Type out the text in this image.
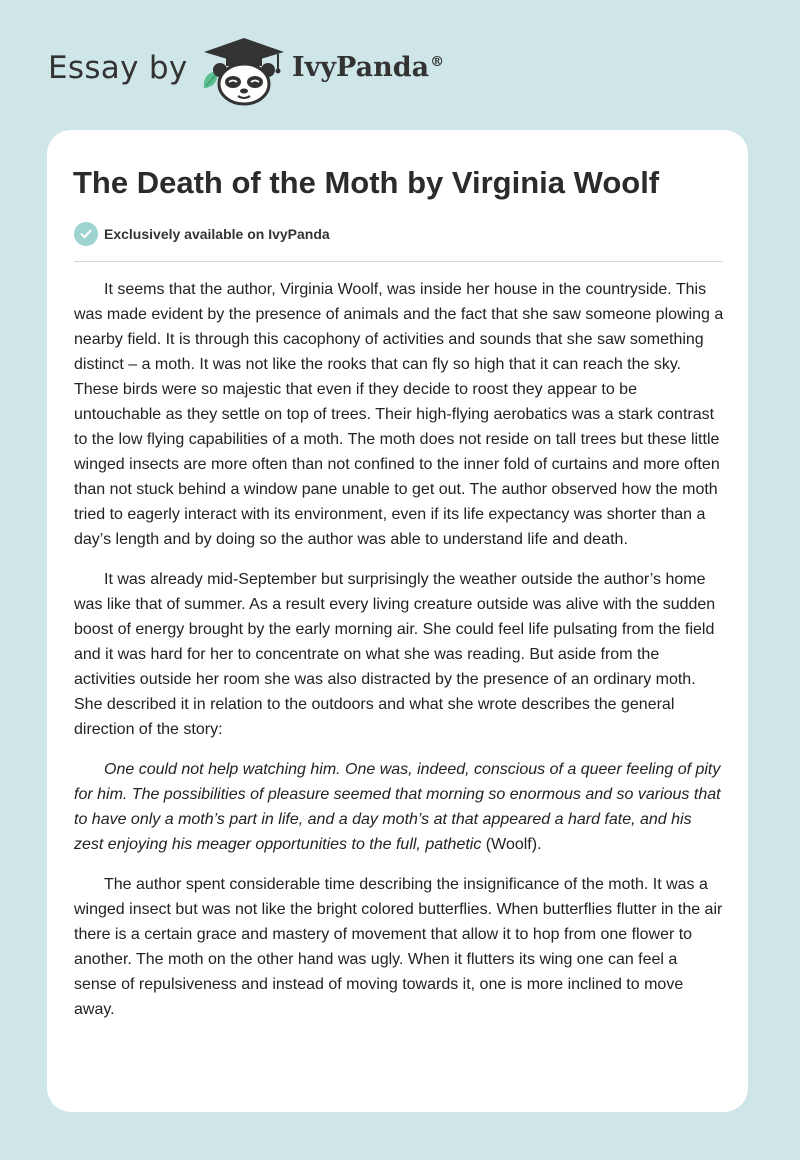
Essay by	IvyPanda®
The Death of the Moth by Virginia Woolf
Exclusively available on IvyPanda

It seems that the author, Virginia Woolf, was inside her house in the countryside. This was made evident by the presence of animals and the fact that she saw someone plowing a nearby field. It is through this cacophony of activities and sounds that she saw something distinct – a moth. It was not like the rooks that can fly so high that it can reach the sky. These birds were so majestic that even if they decide to roost they appear to be untouchable as they settle on top of trees. Their high-flying aerobatics was a stark contrast to the low flying capabilities of a moth. The moth does not reside on tall trees but these little winged insects are more often than not confined to the inner fold of curtains and more often than not stuck behind a window pane unable to get out. The author observed how the moth tried to eagerly interact with its environment, even if its life expectancy was shorter than a day’s length and by doing so the author was able to understand life and death.

It was already mid-September but surprisingly the weather outside the author’s home was like that of summer. As a result every living creature outside was alive with the sudden boost of energy brought by the early morning air. She could feel life pulsating from the field and it was hard for her to concentrate on what she was reading. But aside from the activities outside her room she was also distracted by the presence of an ordinary moth. She described it in relation to the outdoors and what she wrote describes the general direction of the story:

One could not help watching him. One was, indeed, conscious of a queer feeling of pity for him. The possibilities of pleasure seemed that morning so enormous and so various that to have only a moth’s part in life, and a day moth’s at that appeared a hard fate, and his zest enjoying his meager opportunities to the full, pathetic (Woolf).

The author spent considerable time describing the insignificance of the moth. It was a winged insect but was not like the bright colored butterflies. When butterflies flutter in the air there is a certain grace and mastery of movement that allow it to hop from one flower to another. The moth on the other hand was ugly. When it flutters its wing one can feel a sense of repulsiveness and instead of moving towards it, one is more inclined to move away.
